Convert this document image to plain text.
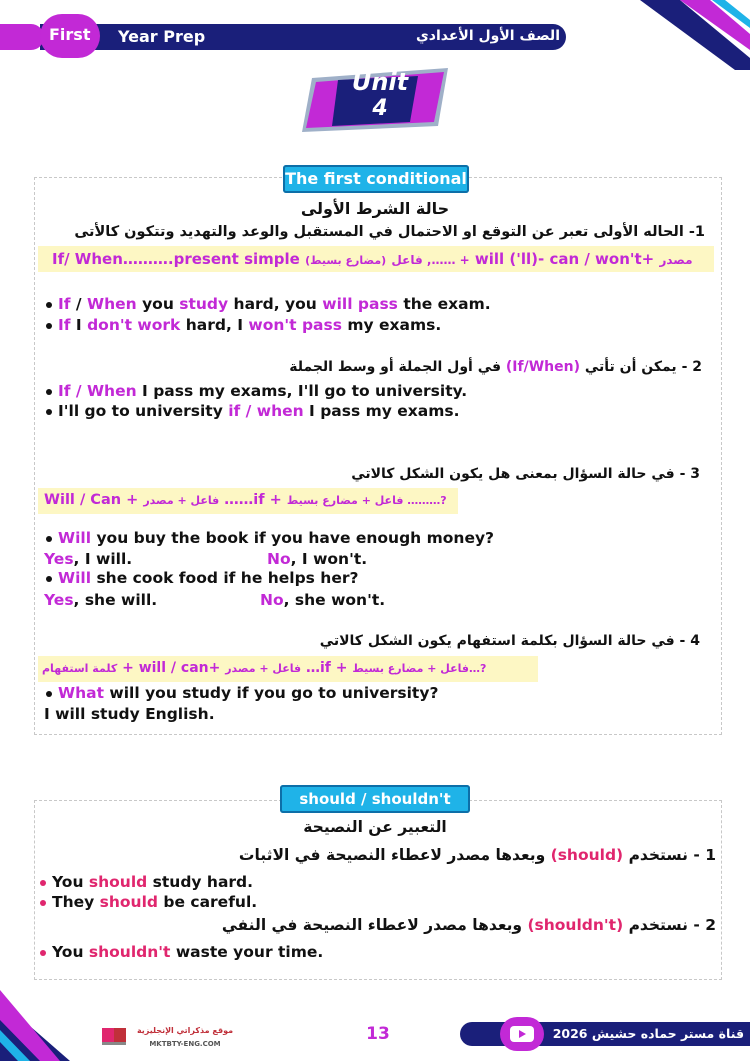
First Year Prep	الصف الأول الأعدادي
Unit
4
The first conditional
حالة الشرط الأولى
1- الحاله الأولى تعبر عن التوقع او الاحتمال في المستقبل والوعد والتهديد وتتكون كالأتى
If/ When……….present simple (مضارع بسيط) فاعل ,…… + will ('ll)- can / won't+ مصدر
If / When you study hard, you will pass the exam.
If I don't work hard, I won't pass my exams.
2 - يمكن أن تأتي (If/When) في أول الجملة أو وسط الجملة
If / When I pass my exams, I'll go to university.
I'll go to university if / when I pass my exams.
3 - في حالة السؤال بمعنى هل يكون الشكل كالاتي
Will / Can + فاعل + مصدر ……if + فاعل + مضارع بسيط ………?
Will you buy the book if you have enough money?
Yes, I will.	No, I won't.
Will she cook food if he helps her?
Yes, she will.	No, she won't.
4 - في حالة السؤال بكلمة استفهام يكون الشكل كالاتي
كلمة استفهام + will / can+ فاعل + مصدر …if + فاعل + مضارع بسيط…?
What will you study if you go to university?
I will study English.
should / shouldn't
التعبير عن النصيحة
1 - نستخدم (should) وبعدها مصدر لاعطاء النصيحة في الاثبات
You should study hard.
They should be careful.
2 - نستخدم (shouldn't) وبعدها مصدر لاعطاء النصيحة في النفي
You shouldn't waste your time.
موقع مذكراتي الإنجليزية
MKTBTY-ENG.COM	13	قناة مستر حماده حشيش 2026
